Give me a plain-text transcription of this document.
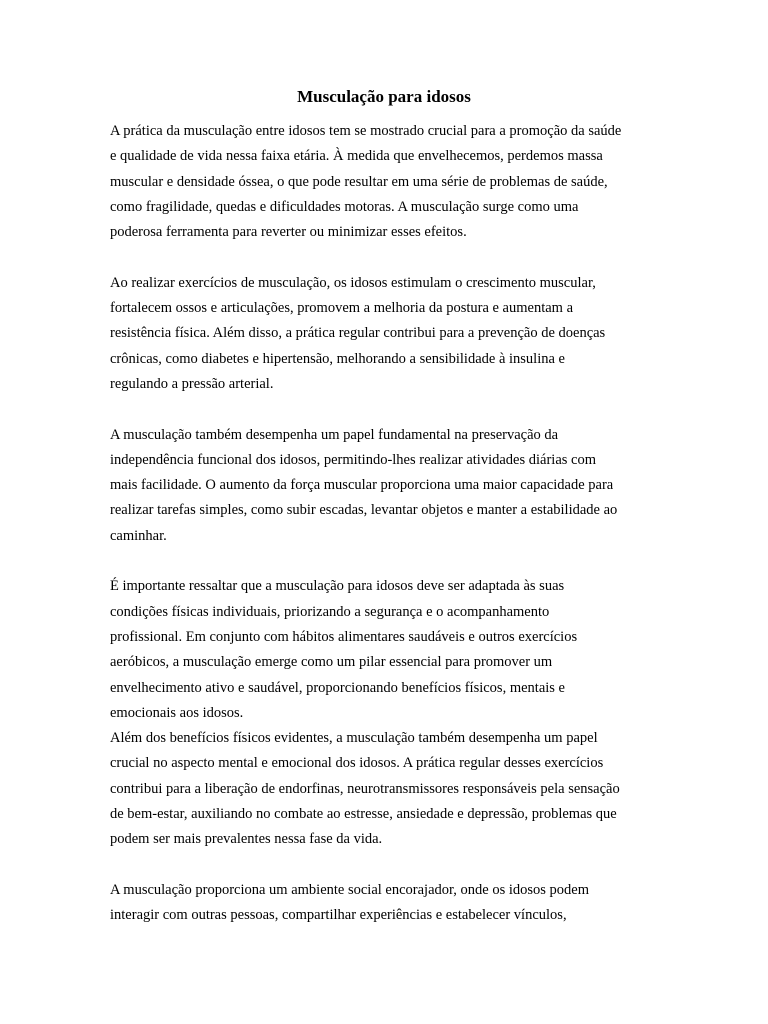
Musculação para idosos

A prática da musculação entre idosos tem se mostrado crucial para a promoção da saúde
e qualidade de vida nessa faixa etária. À medida que envelhecemos, perdemos massa
muscular e densidade óssea, o que pode resultar em uma série de problemas de saúde,
como fragilidade, quedas e dificuldades motoras. A musculação surge como uma
poderosa ferramenta para reverter ou minimizar esses efeitos.

Ao realizar exercícios de musculação, os idosos estimulam o crescimento muscular,
fortalecem ossos e articulações, promovem a melhoria da postura e aumentam a
resistência física. Além disso, a prática regular contribui para a prevenção de doenças
crônicas, como diabetes e hipertensão, melhorando a sensibilidade à insulina e
regulando a pressão arterial.

A musculação também desempenha um papel fundamental na preservação da
independência funcional dos idosos, permitindo-lhes realizar atividades diárias com
mais facilidade. O aumento da força muscular proporciona uma maior capacidade para
realizar tarefas simples, como subir escadas, levantar objetos e manter a estabilidade ao
caminhar.

É importante ressaltar que a musculação para idosos deve ser adaptada às suas
condições físicas individuais, priorizando a segurança e o acompanhamento
profissional. Em conjunto com hábitos alimentares saudáveis e outros exercícios
aeróbicos, a musculação emerge como um pilar essencial para promover um
envelhecimento ativo e saudável, proporcionando benefícios físicos, mentais e
emocionais aos idosos.

Além dos benefícios físicos evidentes, a musculação também desempenha um papel
crucial no aspecto mental e emocional dos idosos. A prática regular desses exercícios
contribui para a liberação de endorfinas, neurotransmissores responsáveis pela sensação
de bem-estar, auxiliando no combate ao estresse, ansiedade e depressão, problemas que
podem ser mais prevalentes nessa fase da vida.

A musculação proporciona um ambiente social encorajador, onde os idosos podem
interagir com outras pessoas, compartilhar experiências e estabelecer vínculos,
